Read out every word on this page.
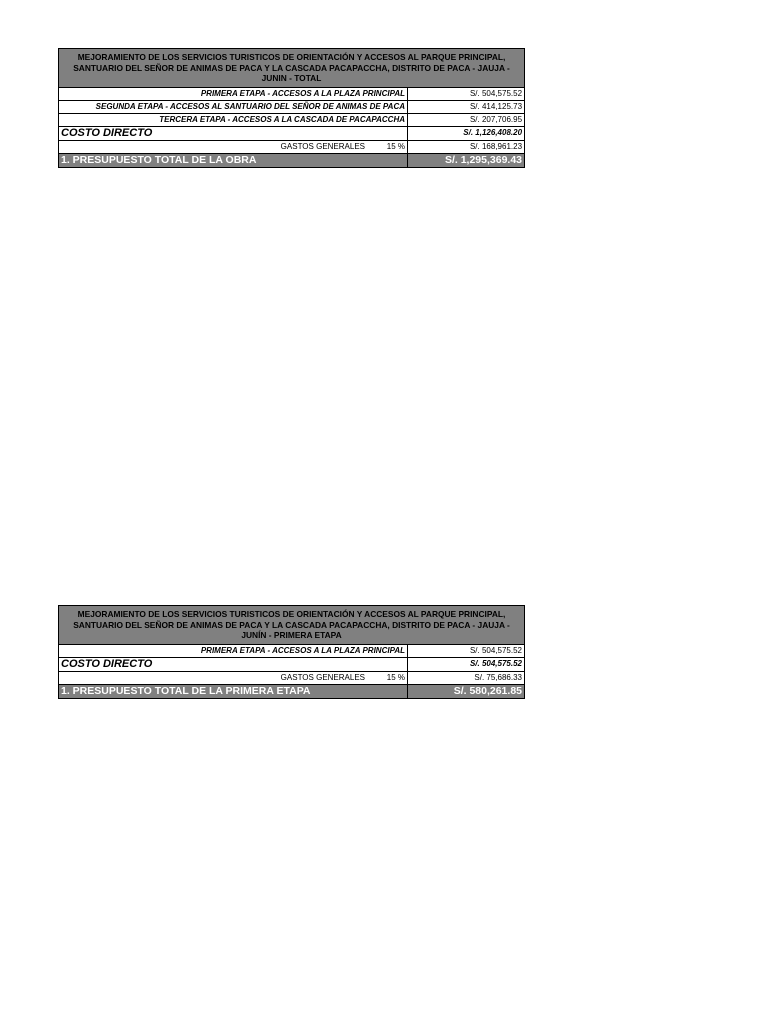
MEJORAMIENTO DE LOS SERVICIOS TURISTICOS DE ORIENTACIÓN Y ACCESOS AL PARQUE PRINCIPAL, SANTUARIO DEL SEÑOR DE ANIMAS DE PACA Y LA CASCADA PACAPACCHA, DISTRITO DE PACA - JAUJA - JUNIN - TOTAL	
PRIMERA ETAPA - ACCESOS A LA PLAZA PRINCIPAL	S/. 504,575.52
SEGUNDA ETAPA - ACCESOS AL SANTUARIO DEL SEÑOR DE ANIMAS DE PACA	S/. 414,125.73
TERCERA ETAPA - ACCESOS A LA CASCADA DE PACAPACCHA	S/. 207,706.95
COSTO DIRECTO	S/. 1,126,408.20
GASTOS GENERALES 15 %	S/. 168,961.23
1. PRESUPUESTO TOTAL DE LA OBRA	S/. 1,295,369.43
MEJORAMIENTO DE LOS SERVICIOS TURISTICOS DE ORIENTACIÓN Y ACCESOS AL PARQUE PRINCIPAL, SANTUARIO DEL SEÑOR DE ANIMAS DE PACA Y LA CASCADA PACAPACCHA, DISTRITO DE PACA - JAUJA - JUNÍN - PRIMERA ETAPA	
PRIMERA ETAPA - ACCESOS A LA PLAZA PRINCIPAL	S/. 504,575.52
COSTO DIRECTO	S/. 504,575.52
GASTOS GENERALES 15 %	S/. 75,686.33
1. PRESUPUESTO TOTAL DE LA PRIMERA ETAPA	S/. 580,261.85
